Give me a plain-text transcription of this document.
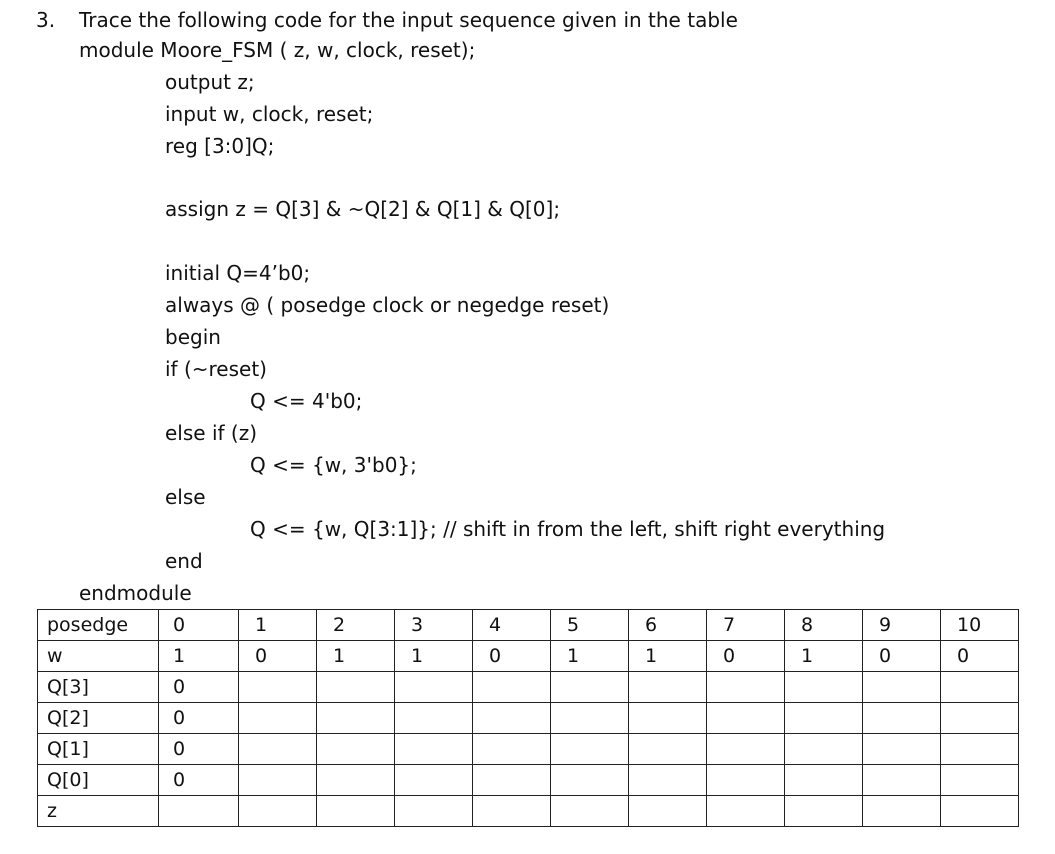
3. Trace the following code for the input sequence given in the table

module Moore_FSM ( z, w, clock, reset);

output z;

input w, clock, reset;

reg [3:0]Q;

assign z = Q[3] & ~Q[2] & Q[1] & Q[0];

initial Q=4’b0;

always @ ( posedge clock or negedge reset)

begin

if (~reset)

Q <= 4'b0;

else if (z)

Q <= {w, 3'b0};

else

Q <= {w, Q[3:1]}; // shift in from the left, shift right everything

end

endmodule

posedge	0	1	2	3	4	5	6	7	8	9	10
w	1	0	1	1	0	1	1	0	1	0	0
Q[3]	0										
Q[2]	0										
Q[1]	0										
Q[0]	0										
z											
